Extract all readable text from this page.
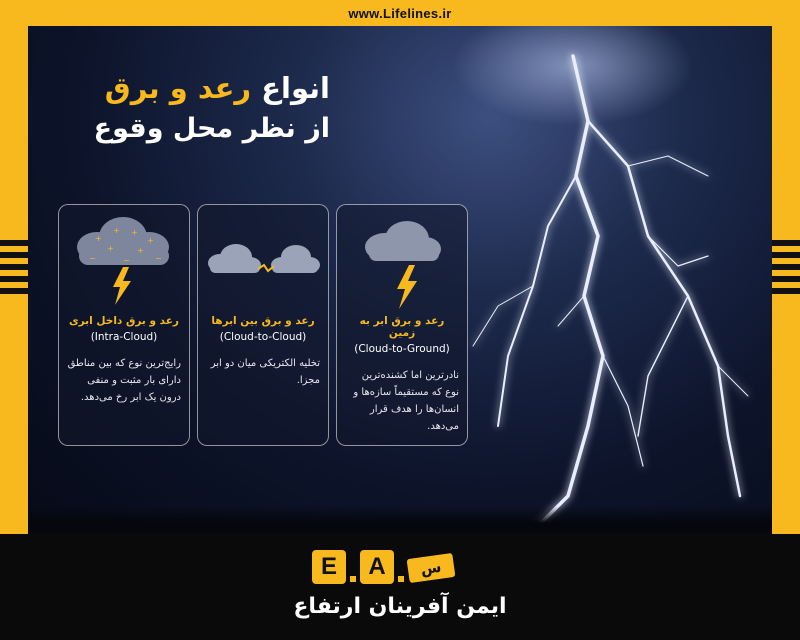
www.Lifelines.ir
انواع رعد و برق
از نظر محل وقوع
رعد و برق ابر به زمین
(Cloud-to-Ground)
نادرترین اما کشنده‌ترین نوع که مستقیماً سازه‌ها و انسان‌ها را هدف قرار می‌دهد.
رعد و برق بین ابرها
(Cloud-to-Cloud)
تخلیه الکتریکی میان دو ابر مجزا.
+
+ +
+
+	+
−	−	−
رعد و برق داخل ابری
(Intra-Cloud)
رایج‌ترین نوع که بین مناطق دارای بار مثبت و منفی درون یک ابر رخ می‌دهد.
E	A	س
ایمن آفرینان ارتفاع
